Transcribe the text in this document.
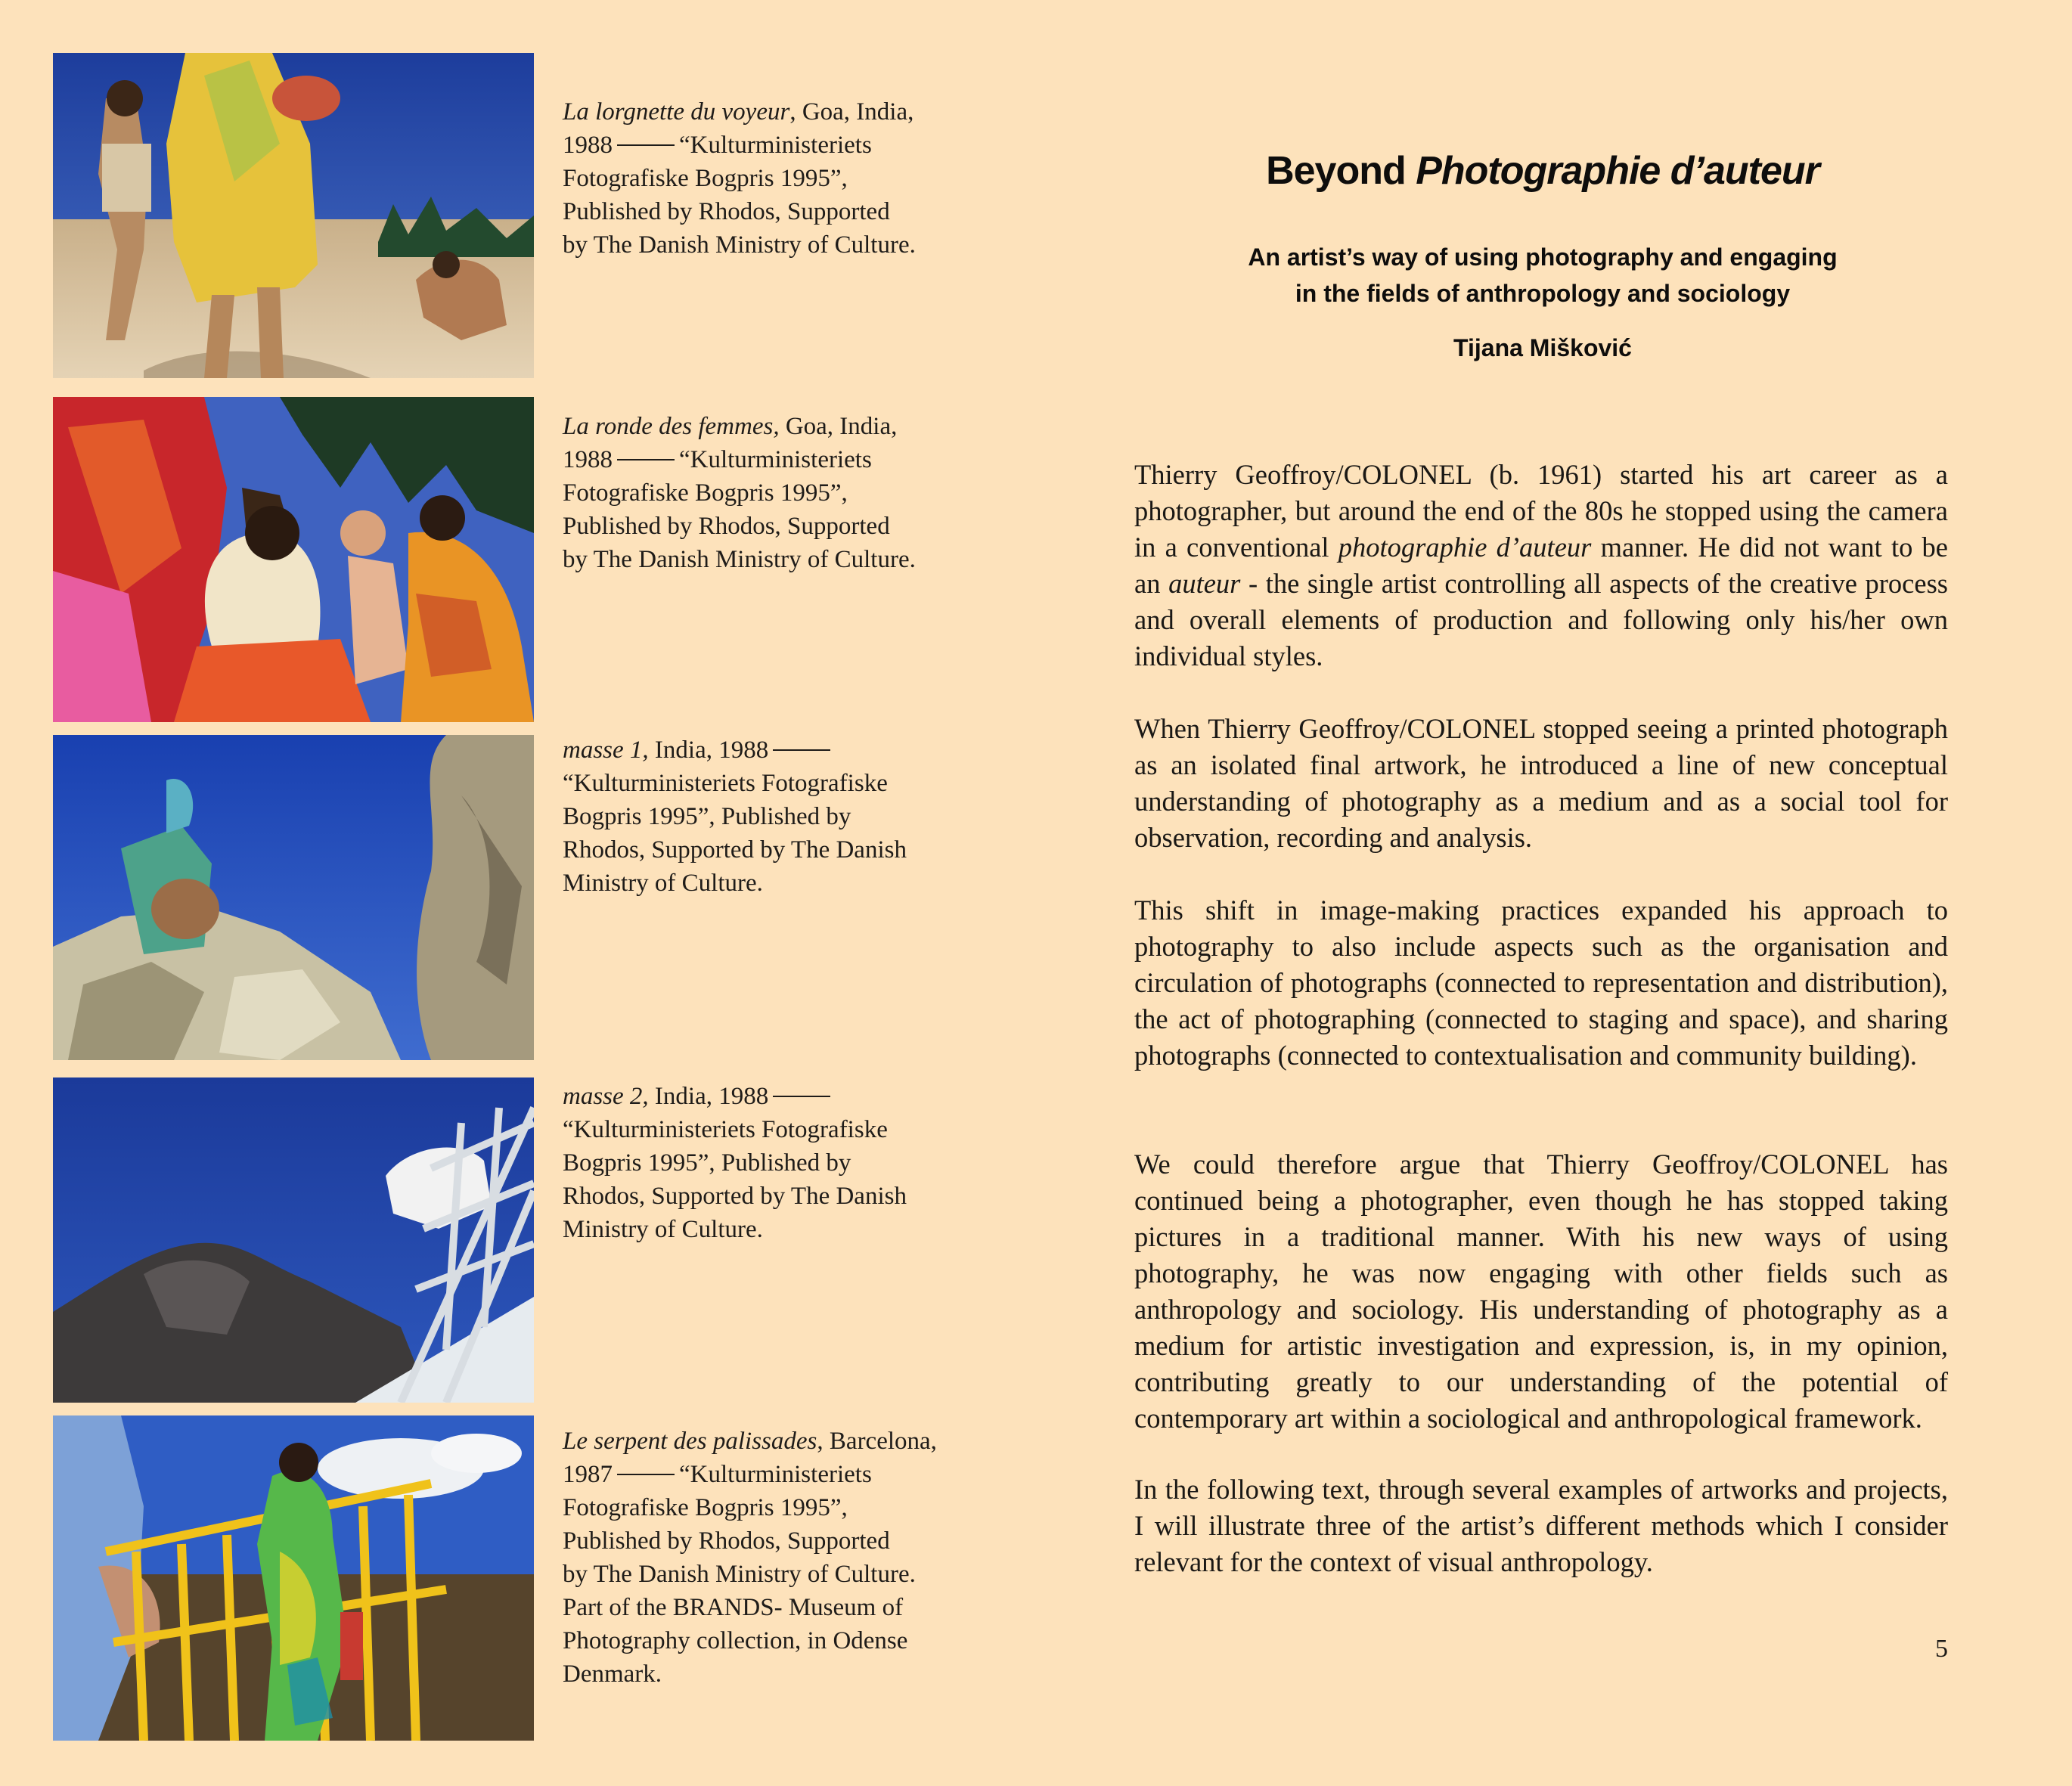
La lorgnette du voyeur, Goa, India,
1988	“Kulturministeriets
Fotografiske Bogpris 1995”,
Published by Rhodos, Supported
by The Danish Ministry of Culture.
La ronde des femmes, Goa, India,
1988	“Kulturministeriets
Fotografiske Bogpris 1995”,
Published by Rhodos, Supported
by The Danish Ministry of Culture.
masse 1, India, 1988
“Kulturministeriets Fotografiske
Bogpris 1995”, Published by
Rhodos, Supported by The Danish
Ministry of Culture.
masse 2, India, 1988
“Kulturministeriets Fotografiske
Bogpris 1995”, Published by
Rhodos, Supported by The Danish
Ministry of Culture.
Le serpent des palissades, Barcelona,
1987	“Kulturministeriets
Fotografiske Bogpris 1995”,
Published by Rhodos, Supported
by The Danish Ministry of Culture.
Part of the BRANDS- Museum of
Photography collection, in Odense
Denmark.
Beyond Photographie d’auteur
An artist’s way of using photography and engaging
in the fields of anthropology and sociology
Tijana Mišković

Thierry Geoffroy/COLONEL (b. 1961) started his art career as a photographer, but around the end of the 80s he stopped using the camera in a conventional photographie d’auteur manner. He did not want to be an auteur - the single artist controlling all aspects of the creative process and overall elements of production and following only his/her own individual styles.

When Thierry Geoffroy/COLONEL stopped seeing a printed photograph as an isolated final artwork, he introduced a line of new conceptual understanding of photography as a medium and as a social tool for observation, recording and analysis.

This shift in image-making practices expanded his approach to photography to also include aspects such as the organisation and circulation of photographs (connected to representation and distribution), the act of photographing (connected to staging and space), and sharing photographs (connected to contextualisation and community building).

We could therefore argue that Thierry Geoffroy/COLONEL has continued being a photographer, even though he has stopped taking pictures in a traditional manner. With his new ways of using photography, he was now engaging with other fields such as anthropology and sociology. His understanding of photography as a medium for artistic investigation and expression, is, in my opinion, contributing greatly to our understanding of the potential of contemporary art within a sociological and anthropological framework.

In the following text, through several examples of artworks and projects, I will illustrate three of the artist’s different methods which I consider relevant for the context of visual anthropology.

5
